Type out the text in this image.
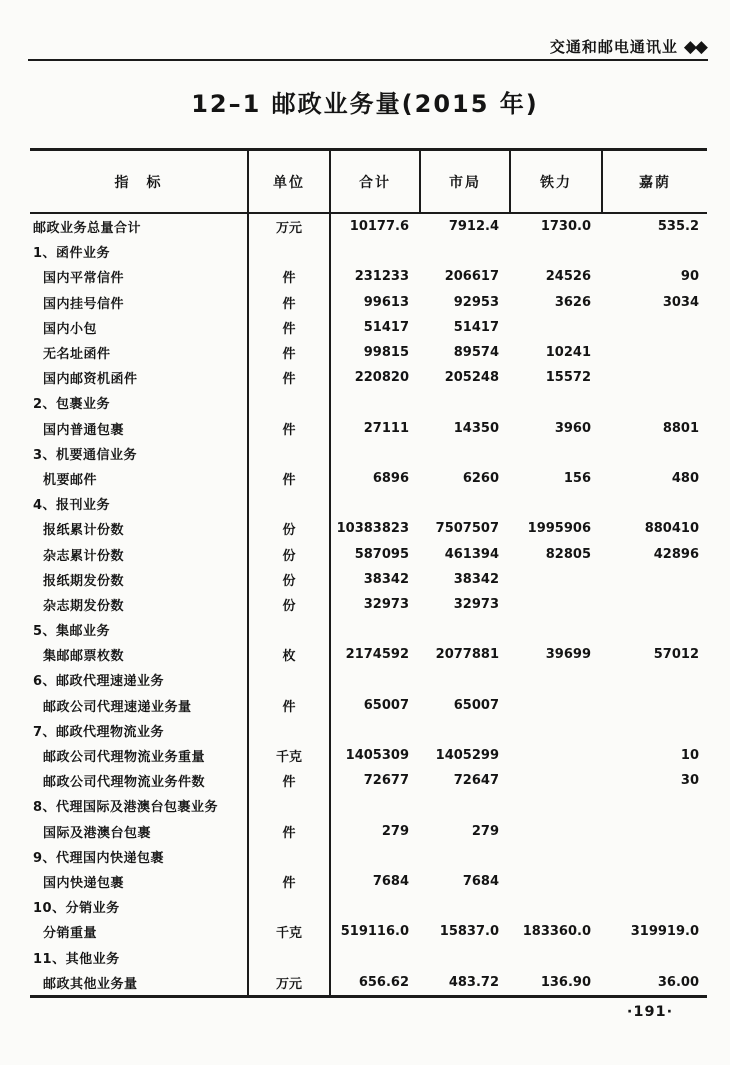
交通和邮电通讯业 ◆◆
12–1 邮政业务量(2015 年)
指　标	单位	合计	市局	铁力	嘉荫
邮政业务总量合计	万元	10177.6	7912.4	1730.0	535.2
1、函件业务					
国内平常信件	件	231233	206617	24526	90
国内挂号信件	件	99613	92953	3626	3034
国内小包	件	51417	51417		
无名址函件	件	99815	89574	10241	
国内邮资机函件	件	220820	205248	15572	
2、包裹业务					
国内普通包裹	件	27111	14350	3960	8801
3、机要通信业务					
机要邮件	件	6896	6260	156	480
4、报刊业务					
报纸累计份数	份	10383823	7507507	1995906	880410
杂志累计份数	份	587095	461394	82805	42896
报纸期发份数	份	38342	38342		
杂志期发份数	份	32973	32973		
5、集邮业务					
集邮邮票枚数	枚	2174592	2077881	39699	57012
6、邮政代理速递业务					
邮政公司代理速递业务量	件	65007	65007		
7、邮政代理物流业务					
邮政公司代理物流业务重量	千克	1405309	1405299		10
邮政公司代理物流业务件数	件	72677	72647		30
8、代理国际及港澳台包裹业务					
国际及港澳台包裹	件	279	279		
9、代理国内快递包裹					
国内快递包裹	件	7684	7684		
10、分销业务					
分销重量	千克	519116.0	15837.0	183360.0	319919.0
11、其他业务					
邮政其他业务量	万元	656.62	483.72	136.90	36.00
·191·
